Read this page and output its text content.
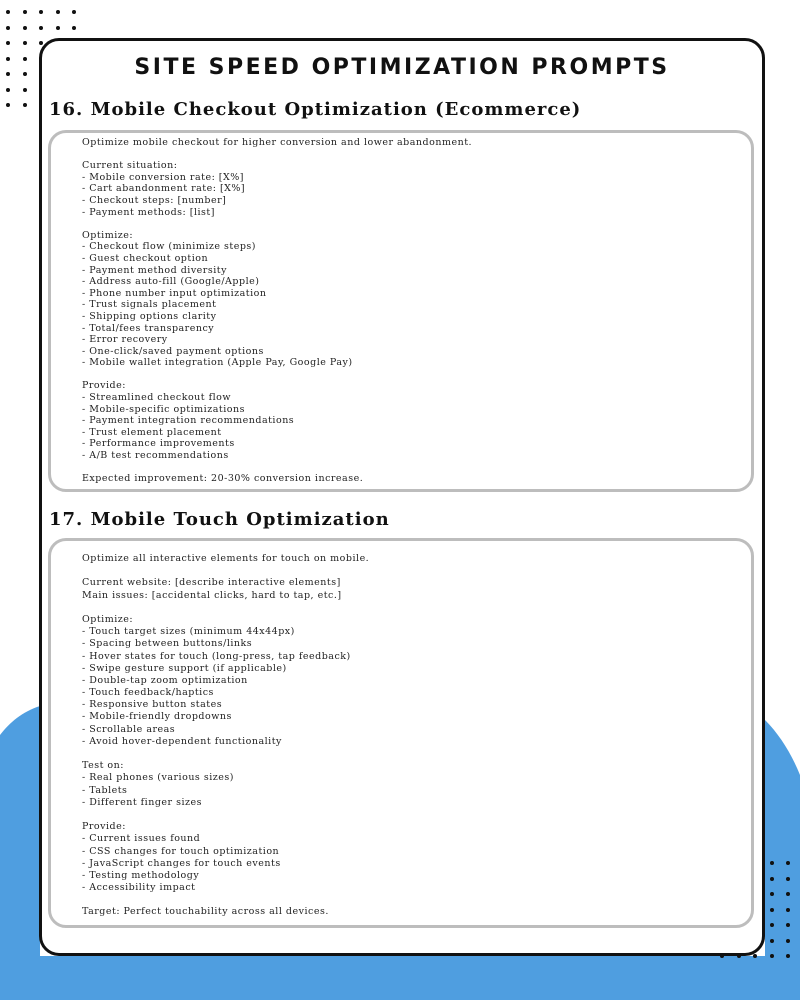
SITE SPEED OPTIMIZATION PROMPTS
16. Mobile Checkout Optimization (Ecommerce)
Optimize mobile checkout for higher conversion and lower abandonment.
Current situation:
- Mobile conversion rate: [X%]
- Cart abandonment rate: [X%]
- Checkout steps: [number]
- Payment methods: [list]
Optimize:
- Checkout flow (minimize steps)
- Guest checkout option
- Payment method diversity
- Address auto-fill (Google/Apple)
- Phone number input optimization
- Trust signals placement
- Shipping options clarity
- Total/fees transparency
- Error recovery
- One-click/saved payment options
- Mobile wallet integration (Apple Pay, Google Pay)
Provide:
- Streamlined checkout flow
- Mobile-specific optimizations
- Payment integration recommendations
- Trust element placement
- Performance improvements
- A/B test recommendations
Expected improvement: 20-30% conversion increase.
17. Mobile Touch Optimization
Optimize all interactive elements for touch on mobile.
Current website: [describe interactive elements]
Main issues: [accidental clicks, hard to tap, etc.]
Optimize:
- Touch target sizes (minimum 44x44px)
- Spacing between buttons/links
- Hover states for touch (long-press, tap feedback)
- Swipe gesture support (if applicable)
- Double-tap zoom optimization
- Touch feedback/haptics
- Responsive button states
- Mobile-friendly dropdowns
- Scrollable areas
- Avoid hover-dependent functionality
Test on:
- Real phones (various sizes)
- Tablets
- Different finger sizes
Provide:
- Current issues found
- CSS changes for touch optimization
- JavaScript changes for touch events
- Testing methodology
- Accessibility impact
Target: Perfect touchability across all devices.
